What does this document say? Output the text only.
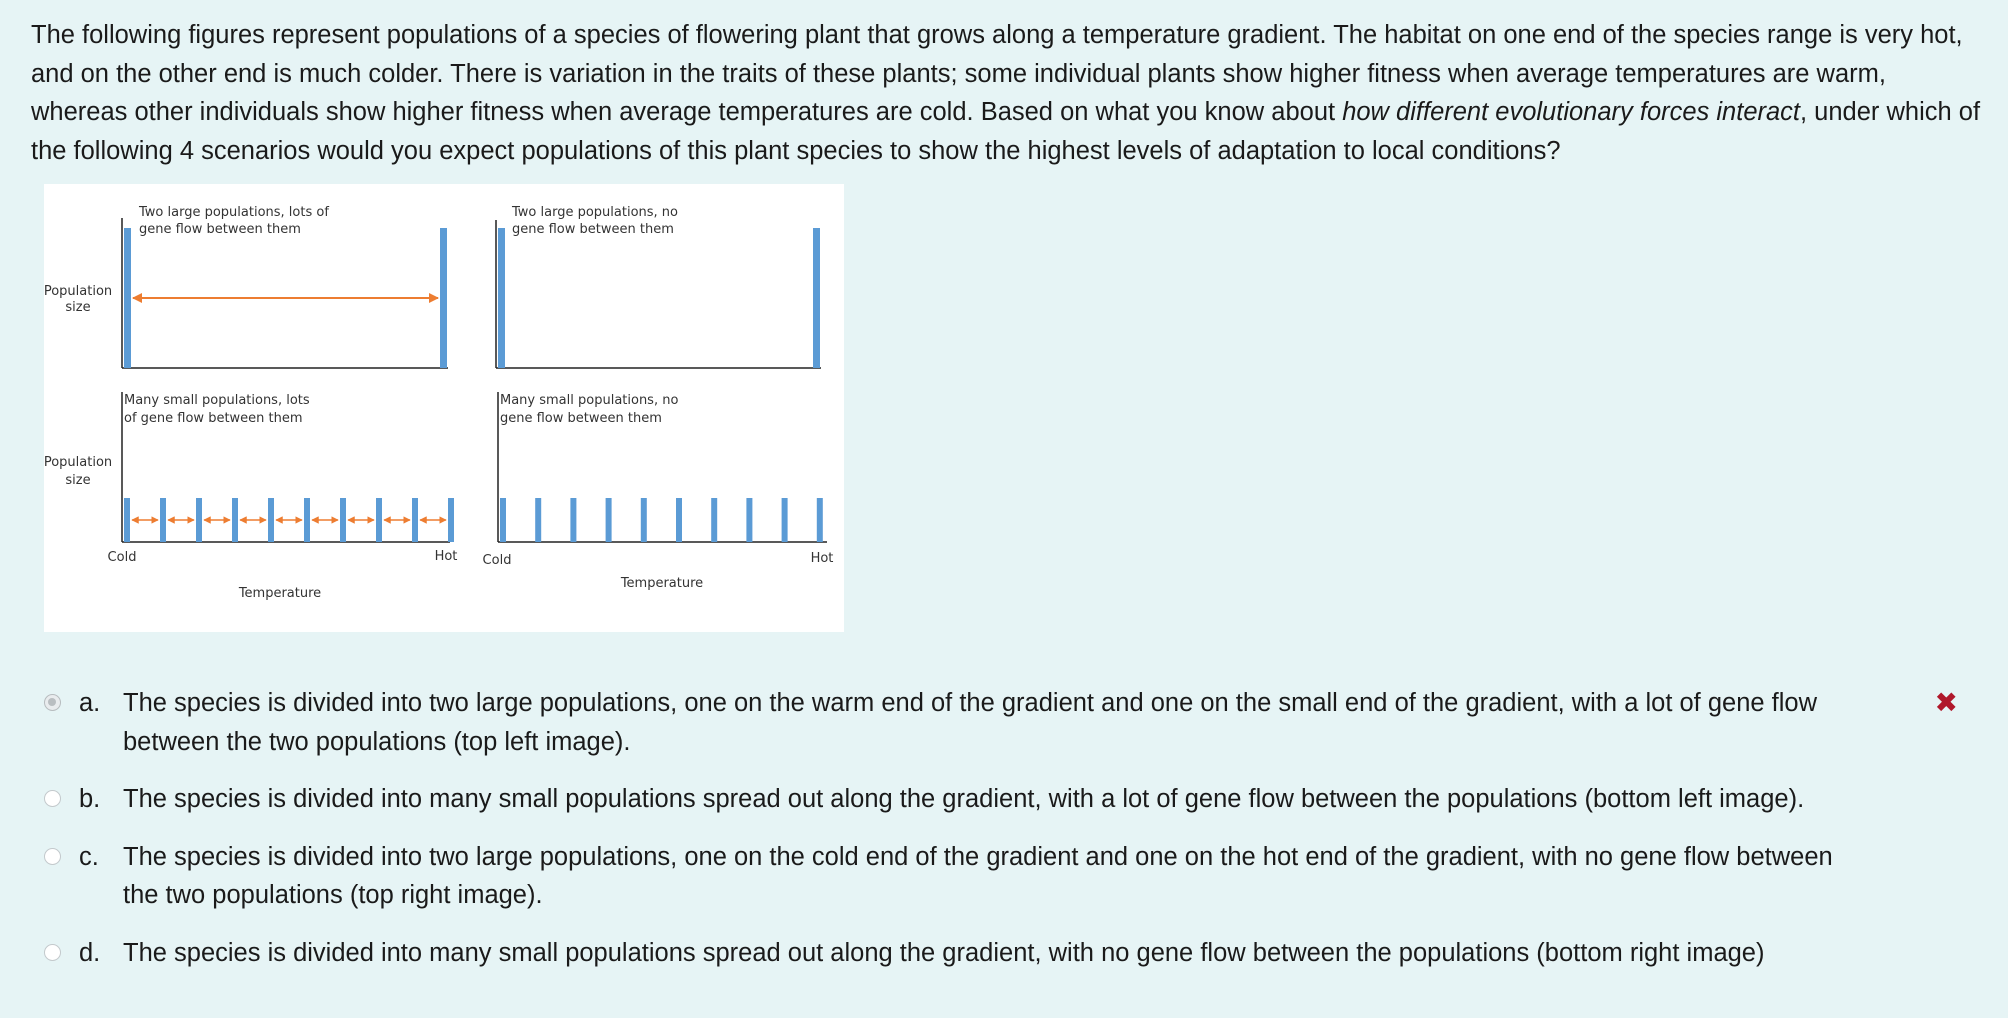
The following figures represent populations of a species of flowering plant that grows along a temperature gradient. The habitat on one end of the species range is very hot, and on the other end is much colder. There is variation in the traits of these plants; some individual plants show higher fitness when average temperatures are warm, whereas other individuals show higher fitness when average temperatures are cold. Based on what you know about how different evolutionary forces interact, under which of the following 4 scenarios would you expect populations of this plant species to show the highest levels of adaptation to local conditions?
Population
size
Population
size
Two large populations, lots of
gene flow between them
Two large populations, no
gene flow between them
Many small populations, lots
of gene flow between them
Cold	Hot
Temperature
Many small populations, no
gene flow between them
Cold	Hot
Temperature
a. The species is divided into two large populations, one on the warm end of the gradient and one on the small end of the gradient, with a lot of gene flow between the two populations (top left image).
✖
b. The species is divided into many small populations spread out along the gradient, with a lot of gene flow between the populations (bottom left image).
c. The species is divided into two large populations, one on the cold end of the gradient and one on the hot end of the gradient, with no gene flow between the two populations (top right image).
d. The species is divided into many small populations spread out along the gradient, with no gene flow between the populations (bottom right image)
